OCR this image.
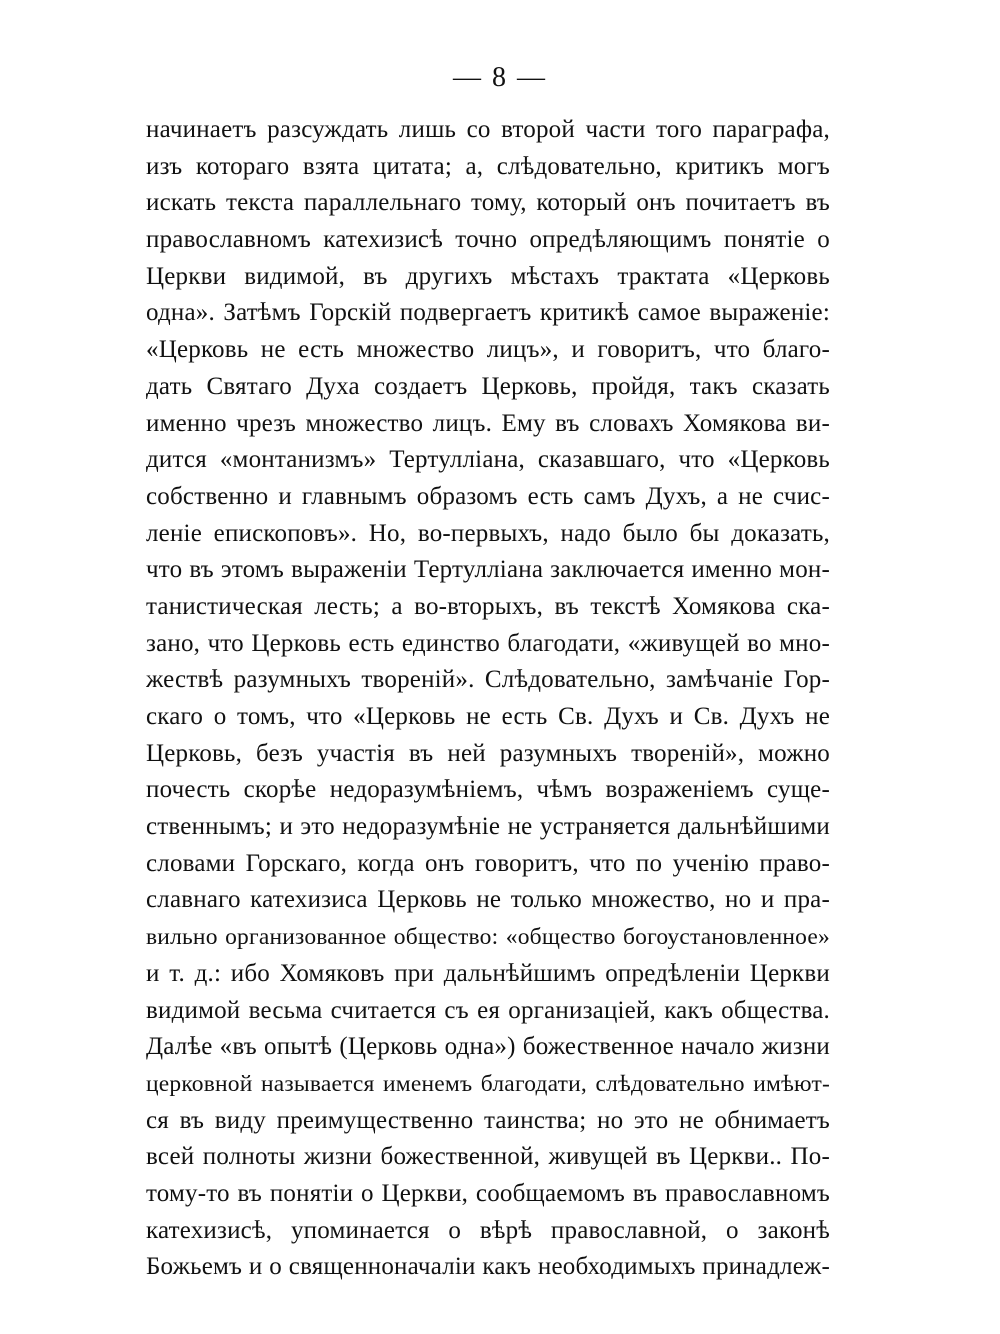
— 8 —
начинаетъ разсуждать лишь со второй части того параграфа,
изъ котораго взята цитата; а, слѣдовательно, критикъ могъ
искать текста параллельнаго тому, который онъ почитаетъ въ
православномъ катехизисѣ точно опредѣляющимъ понятіе о
Церкви видимой, въ другихъ мѣстахъ трактата «Церковь
одна». Затѣмъ Горскій подвергаетъ критикѣ самое выраженіе:
«Церковь не есть множество лицъ», и говоритъ, что благо-
дать Святаго Духа создаетъ Церковь, пройдя, такъ сказать
именно чрезъ множество лицъ. Ему въ словахъ Хомякова ви-
дится «монтанизмъ» Тертулліана, сказавшаго, что «Церковь
собственно и главнымъ образомъ есть самъ Духъ, а не счис-
леніе епископовъ». Но, во-первыхъ, надо было бы доказать,
что въ этомъ выраженіи Тертулліана заключается именно мон-
танистическая лесть; а во-вторыхъ, въ текстѣ Хомякова ска-
зано, что Церковь есть единство благодати, «живущей во мно-
жествѣ разумныхъ твореній». Слѣдовательно, замѣчаніе Гор-
скаго о томъ, что «Церковь не есть Св. Духъ и Св. Духъ не
Церковь, безъ участія въ ней разумныхъ твореній», можно
почесть скорѣе недоразумѣніемъ, чѣмъ возраженіемъ суще-
ственнымъ; и это недоразумѣніе не устраняется дальнѣйшими
словами Горскаго, когда онъ говоритъ, что по ученію право-
славнаго катехизиса Церковь не только множество, но и пра-
вильно организованное общество: «общество богоустановленное»
и т. д.: ибо Хомяковъ при дальнѣйшимъ опредѣленіи Церкви
видимой весьма считается съ ея организаціей, какъ общества.
Далѣе «въ опытѣ (Церковь одна») божественное начало жизни
церковной называется именемъ благодати, слѣдовательно имѣют-
ся въ виду преимущественно таинства; но это не обнимаетъ
всей полноты жизни божественной, живущей въ Церкви.. По-
тому-то въ понятіи о Церкви, сообщаемомъ въ православномъ
катехизисѣ, упоминается о вѣрѣ православной, о законѣ
Божьемъ и о священноначаліи какъ необходимыхъ принадлеж-
